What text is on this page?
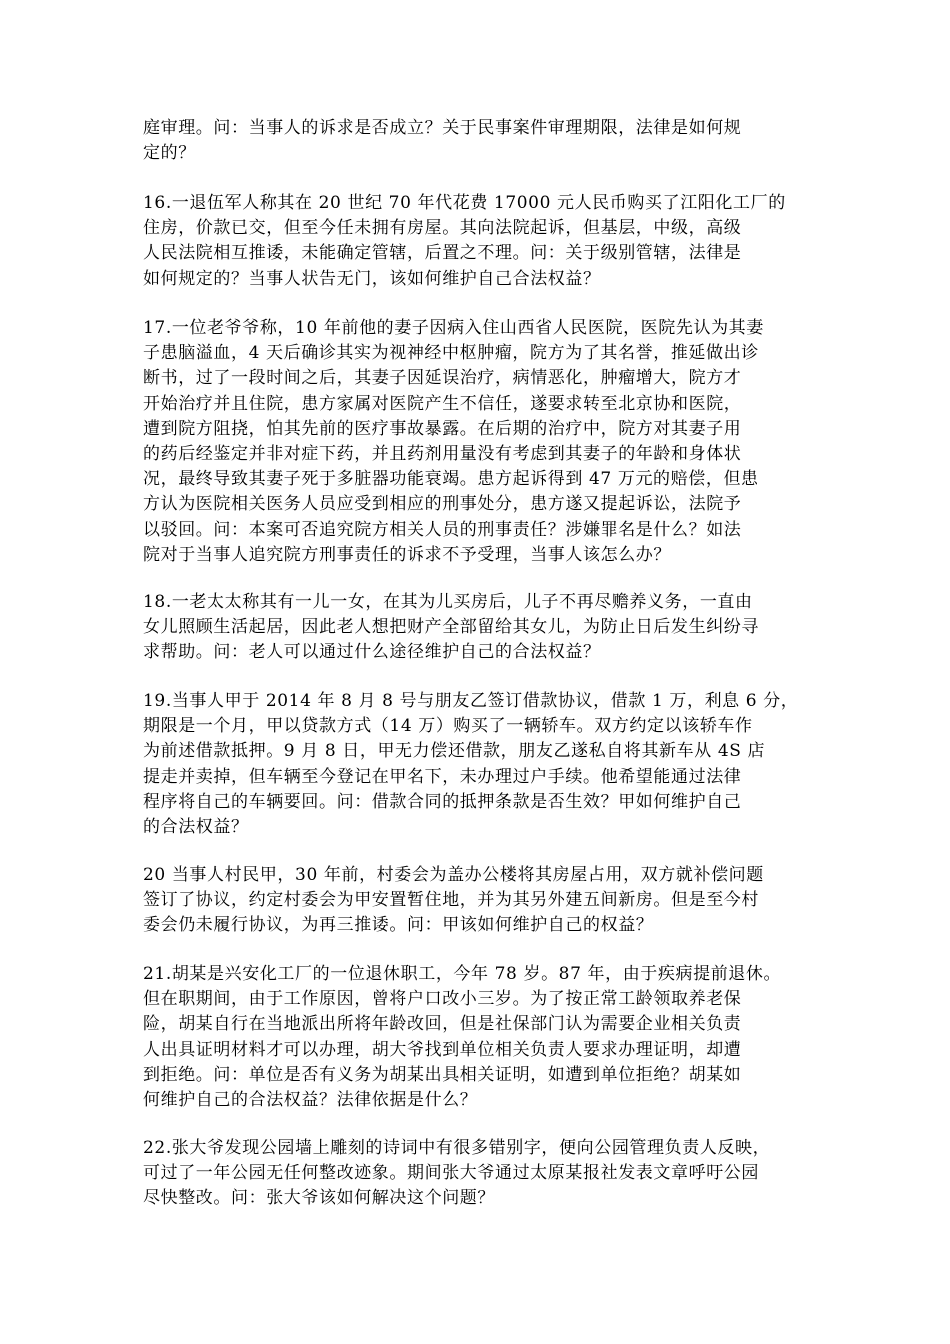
庭审理。问：当事人的诉求是否成立？关于民事案件审理期限，法律是如何规
定的？
16.一退伍军人称其在 20 世纪 70 年代花费 17000 元人民币购买了江阳化工厂的
住房，价款已交，但至今任未拥有房屋。其向法院起诉，但基层，中级，高级
人民法院相互推诿，未能确定管辖，后置之不理。问：关于级别管辖，法律是
如何规定的？当事人状告无门，该如何维护自己合法权益？
17.一位老爷爷称，10 年前他的妻子因病入住山西省人民医院，医院先认为其妻
子患脑溢血，4 天后确诊其实为视神经中枢肿瘤，院方为了其名誉，推延做出诊
断书，过了一段时间之后，其妻子因延误治疗，病情恶化，肿瘤增大，院方才
开始治疗并且住院，患方家属对医院产生不信任，遂要求转至北京协和医院，
遭到院方阻挠，怕其先前的医疗事故暴露。在后期的治疗中，院方对其妻子用
的药后经鉴定并非对症下药，并且药剂用量没有考虑到其妻子的年龄和身体状
况，最终导致其妻子死于多脏器功能衰竭。患方起诉得到 47 万元的赔偿，但患
方认为医院相关医务人员应受到相应的刑事处分，患方遂又提起诉讼，法院予
以驳回。问：本案可否追究院方相关人员的刑事责任？涉嫌罪名是什么？如法
院对于当事人追究院方刑事责任的诉求不予受理，当事人该怎么办？
18.一老太太称其有一儿一女，在其为儿买房后，儿子不再尽赡养义务，一直由
女儿照顾生活起居，因此老人想把财产全部留给其女儿，为防止日后发生纠纷寻
求帮助。问：老人可以通过什么途径维护自己的合法权益？
19.当事人甲于 2014 年 8 月 8 号与朋友乙签订借款协议，借款 1 万，利息 6 分，
期限是一个月，甲以贷款方式（14 万）购买了一辆轿车。双方约定以该轿车作
为前述借款抵押。9 月 8 日，甲无力偿还借款，朋友乙遂私自将其新车从 4S 店
提走并卖掉，但车辆至今登记在甲名下，未办理过户手续。他希望能通过法律
程序将自己的车辆要回。问：借款合同的抵押条款是否生效？甲如何维护自己
的合法权益？
20 当事人村民甲，30 年前，村委会为盖办公楼将其房屋占用，双方就补偿问题
签订了协议，约定村委会为甲安置暂住地，并为其另外建五间新房。但是至今村
委会仍未履行协议，为再三推诿。问：甲该如何维护自己的权益？
21.胡某是兴安化工厂的一位退休职工，今年 78 岁。87 年，由于疾病提前退休。
但在职期间，由于工作原因，曾将户口改小三岁。为了按正常工龄领取养老保
险，胡某自行在当地派出所将年龄改回，但是社保部门认为需要企业相关负责
人出具证明材料才可以办理，胡大爷找到单位相关负责人要求办理证明，却遭
到拒绝。问：单位是否有义务为胡某出具相关证明，如遭到单位拒绝？胡某如
何维护自己的合法权益？法律依据是什么？
22.张大爷发现公园墙上雕刻的诗词中有很多错别字，便向公园管理负责人反映，
可过了一年公园无任何整改迹象。期间张大爷通过太原某报社发表文章呼吁公园
尽快整改。问：张大爷该如何解决这个问题？
